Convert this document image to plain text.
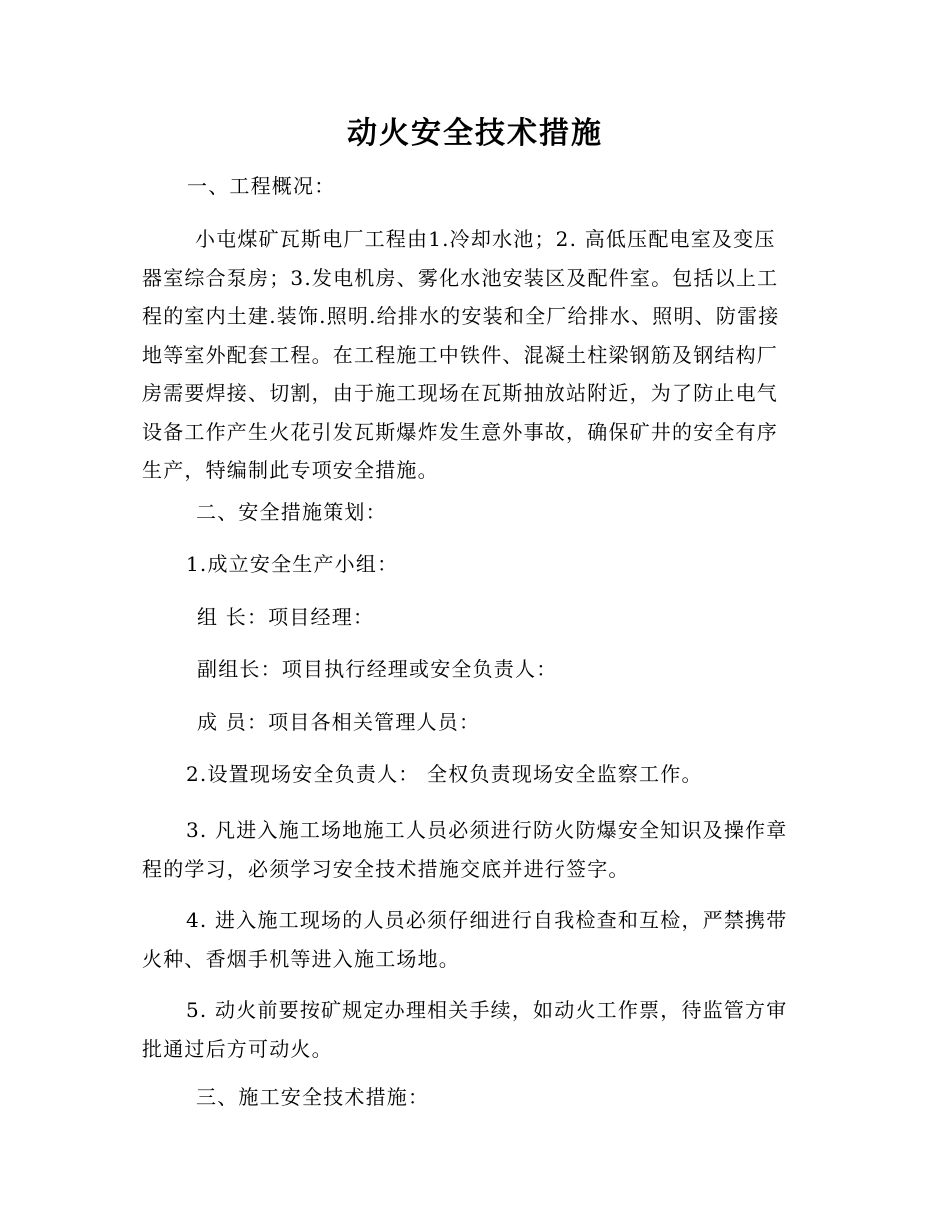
动火安全技术措施
一、工程概况：
小屯煤矿瓦斯电厂工程由1.冷却水池；2. 高低压配电室及变压
器室综合泵房；3.发电机房、雾化水池安装区及配件室。包括以上工
程的室内土建.装饰.照明.给排水的安装和全厂给排水、照明、防雷接
地等室外配套工程。在工程施工中铁件、混凝土柱梁钢筋及钢结构厂
房需要焊接、切割，由于施工现场在瓦斯抽放站附近，为了防止电气
设备工作产生火花引发瓦斯爆炸发生意外事故，确保矿井的安全有序
生产，特编制此专项安全措施。
二、安全措施策划：
1.成立安全生产小组：
组 长：项目经理：
副组长：项目执行经理或安全负责人：
成 员：项目各相关管理人员：
2.设置现场安全负责人： 全权负责现场安全监察工作。
3. 凡进入施工场地施工人员必须进行防火防爆安全知识及操作章
程的学习，必须学习安全技术措施交底并进行签字。
4. 进入施工现场的人员必须仔细进行自我检查和互检，严禁携带
火种、香烟手机等进入施工场地。
5. 动火前要按矿规定办理相关手续，如动火工作票，待监管方审
批通过后方可动火。
三、施工安全技术措施：
